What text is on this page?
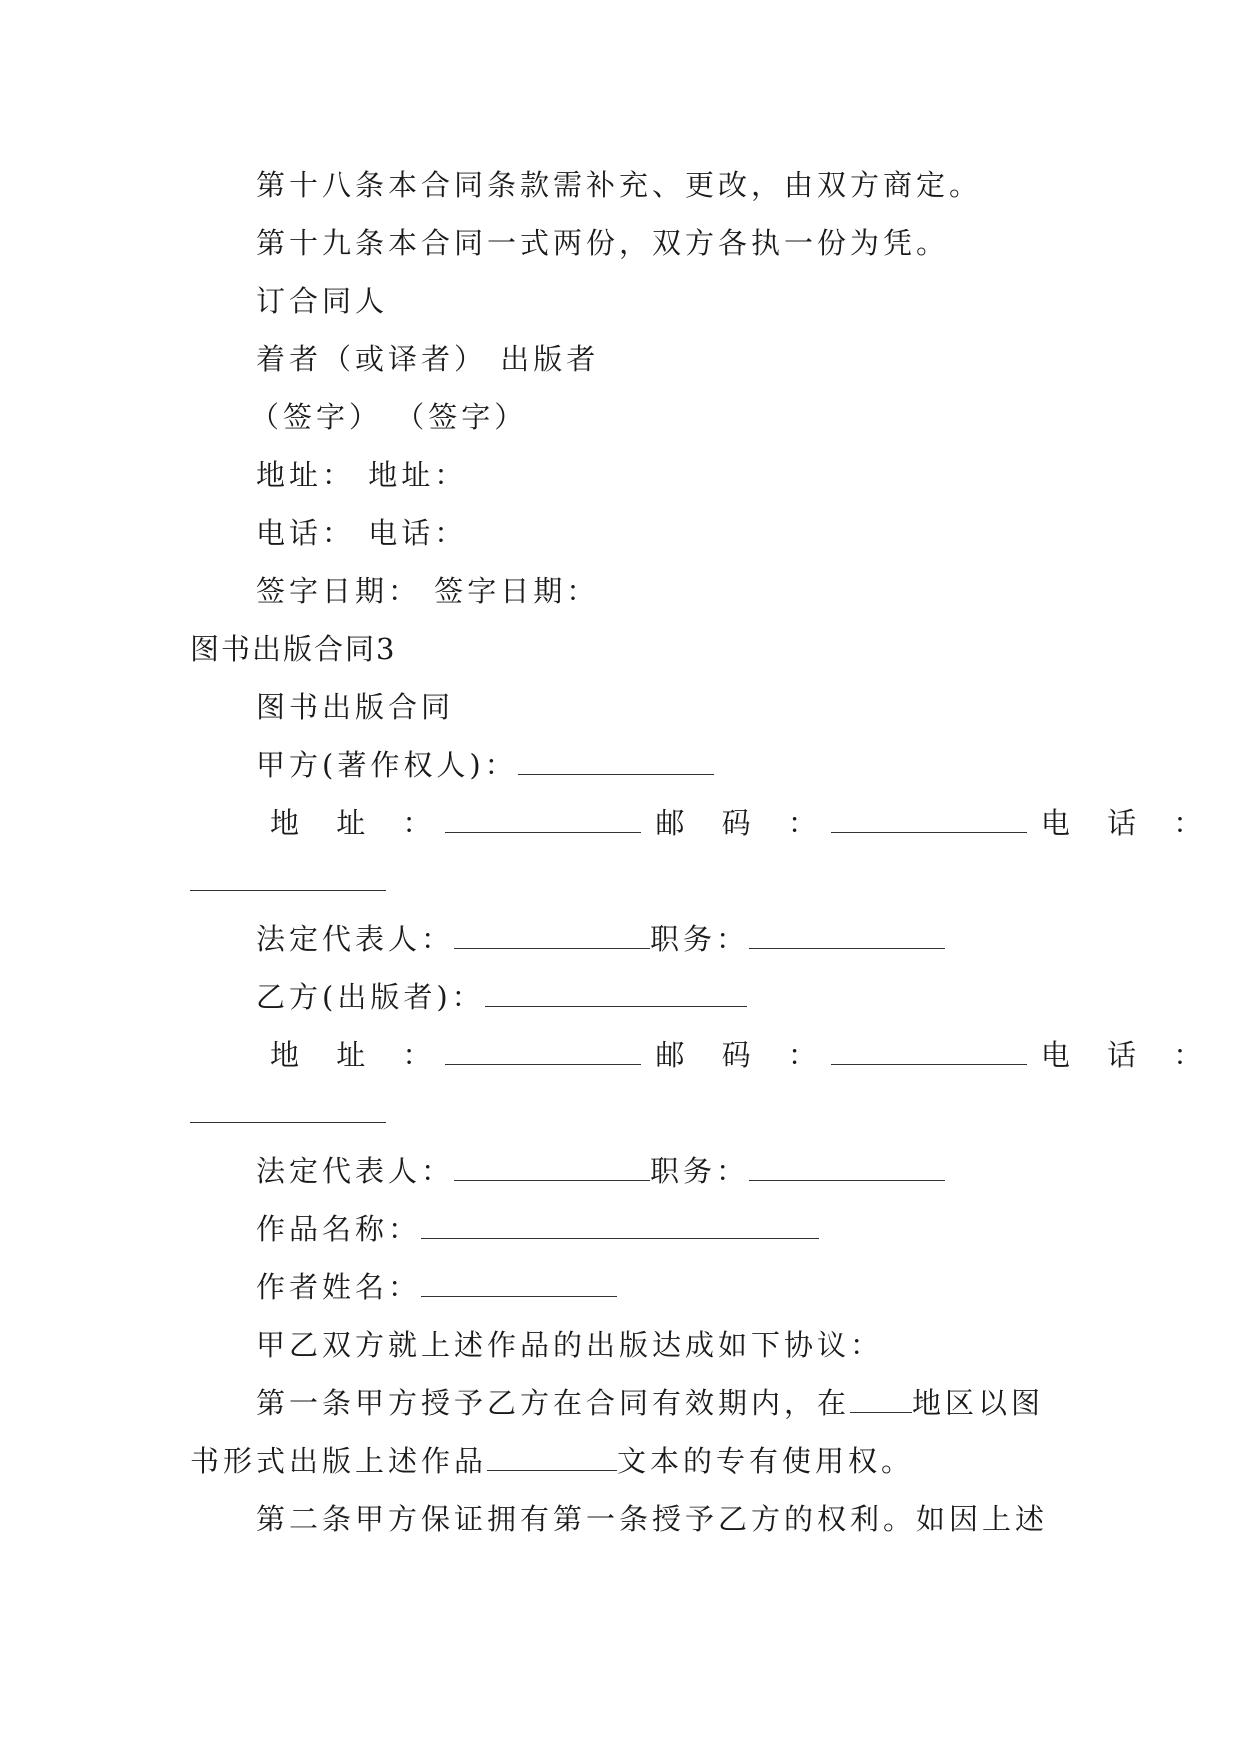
第十八条本合同条款需补充、更改，由双方商定。
第十九条本合同一式两份，双方各执一份为凭。
订合同人
着者（或译者） 出版者
（签字） （签字）
地址： 地址：
电话： 电话：
签字日期： 签字日期：
图书出版合同3
图书出版合同
甲方(著作权人)：
地 址 ：	邮 码 ：	电 话 ：
法定代表人：	职务：
乙方(出版者)：
地 址 ：	邮 码 ：	电 话 ：
法定代表人：	职务：
作品名称：
作者姓名：
甲乙双方就上述作品的出版达成如下协议：
第一条甲方授予乙方在合同有效期内，在 地区以图
书形式出版上述作品	文本的专有使用权。
第二条甲方保证拥有第一条授予乙方的权利。如因上述
